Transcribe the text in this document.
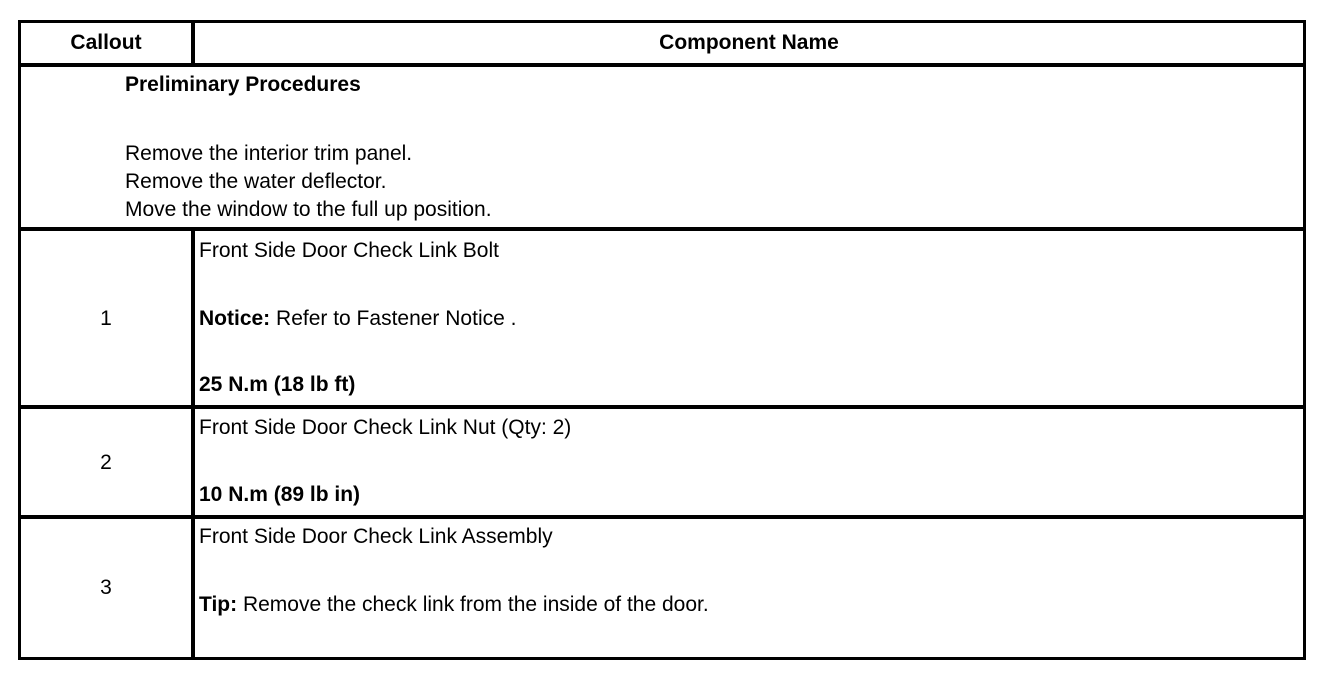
Callout	Component Name
Preliminary Procedures
Remove the interior trim panel.
Remove the water deflector.
Move the window to the full up position.
1
Front Side Door Check Link Bolt
Notice: Refer to Fastener Notice .
25 N.m (18 lb ft)
2
Front Side Door Check Link Nut (Qty: 2)
10 N.m (89 lb in)
3
Front Side Door Check Link Assembly
Tip: Remove the check link from the inside of the door.
